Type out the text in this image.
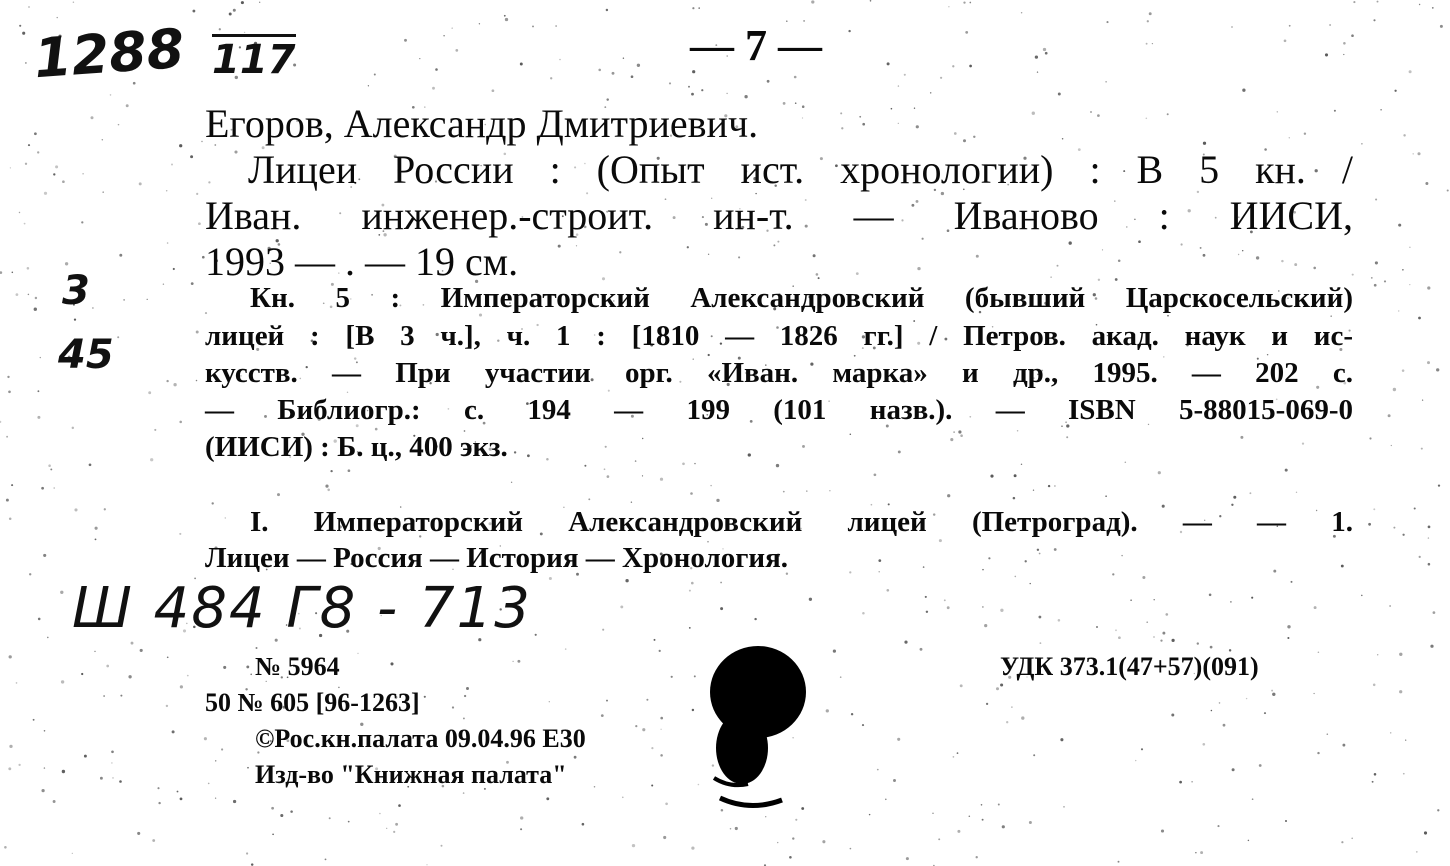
1288 117	— 7 —
Егоров, Александр Дмитриевич.
Лицеи России : (Опыт ист. хронологии) : В 5 кн. /
Иван. инженер.-строит. ин-т. — Иваново : ИИСИ,
1993 — . — 19 см.
3
45
Кн. 5 : Императорский Александровский (бывший Царскосельский)
лицей : [В 3 ч.], ч. 1 : [1810 — 1826 гг.] / Петров. акад. наук и ис-
кусств. — При участии орг. «Иван. марка» и др., 1995. — 202 с.
— Библиогр.: с. 194 — 199 (101 назв.). — ISBN 5-88015-069-0
(ИИСИ) : Б. ц., 400 экз.
I. Императорский Александровский лицей (Петроград). — — 1.
Лицеи — Россия — История — Хронология.
Ш 484 Г8 - 713
№ 5964
50 № 605 [96-1263]
©Рос.кн.палата 09.04.96 Е30
Изд-во "Книжная палата"
УДК 373.1(47+57)(091)
